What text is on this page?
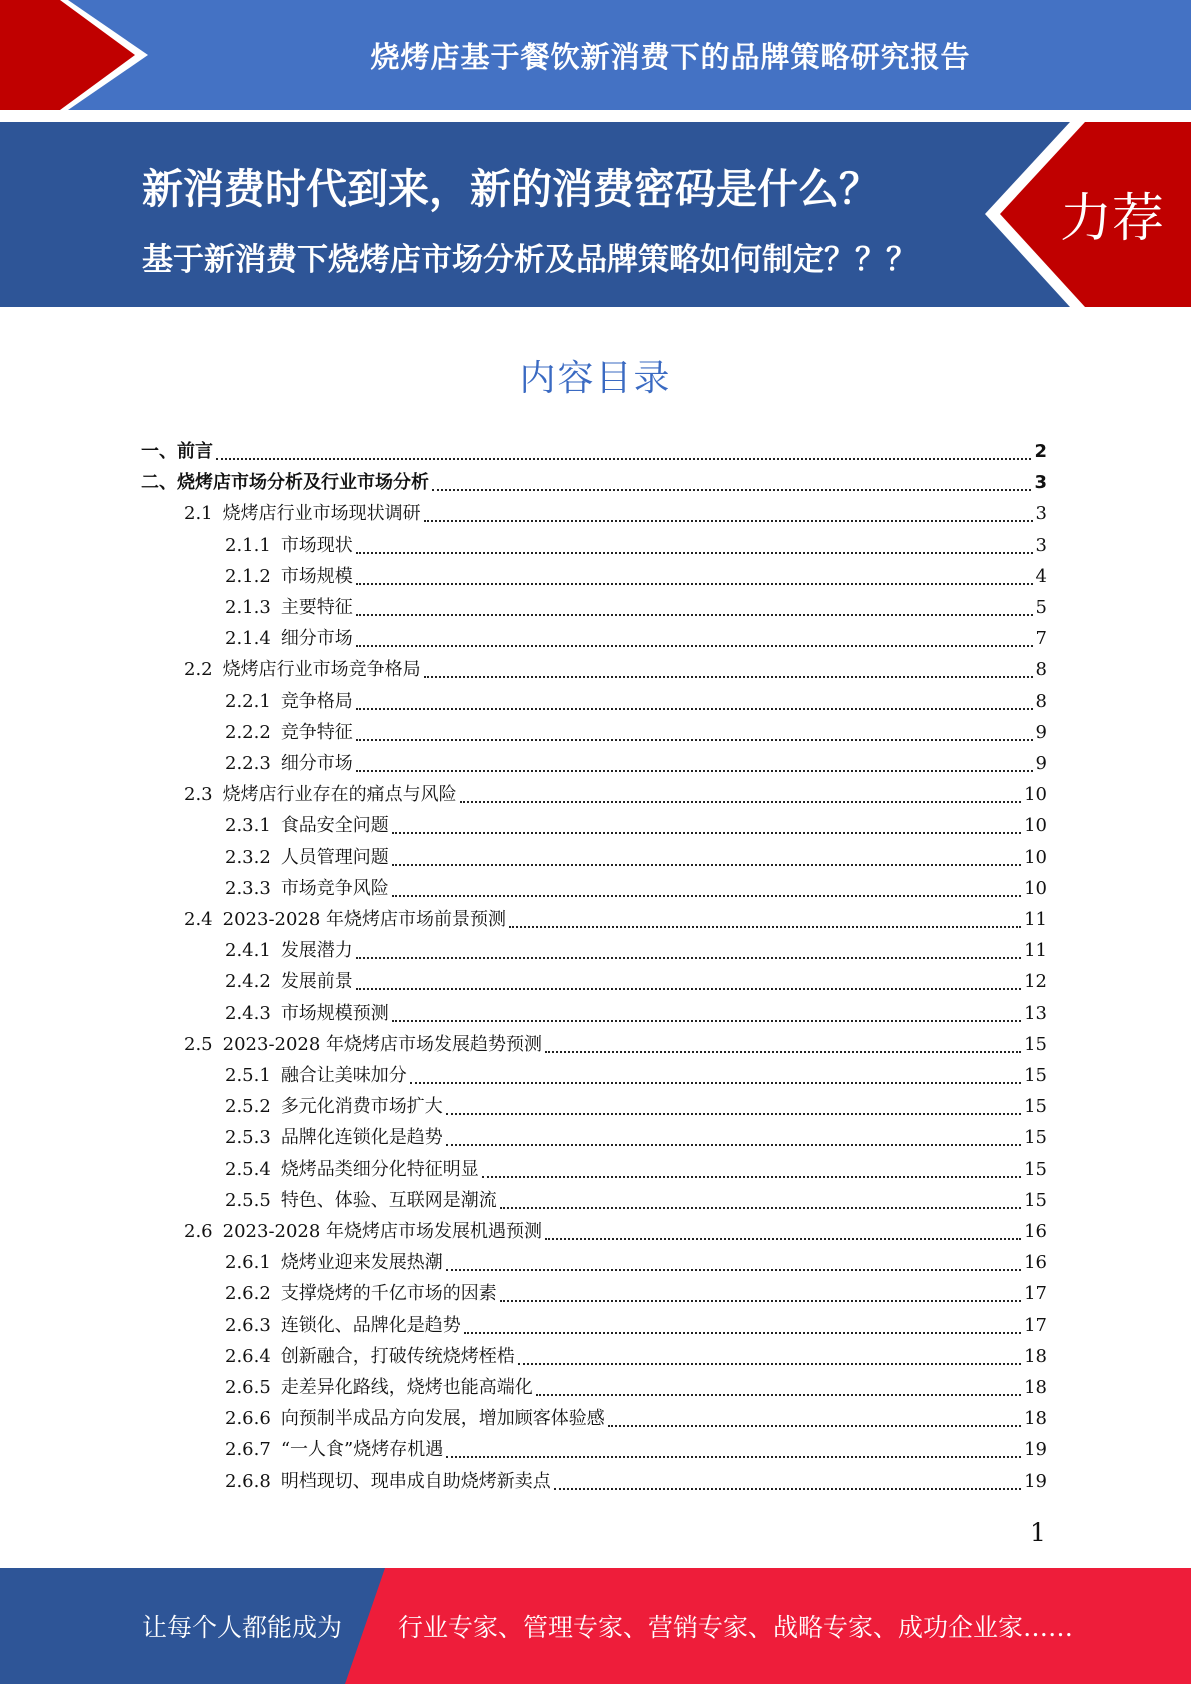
烧烤店基于餐饮新消费下的品牌策略研究报告
新消费时代到来，新的消费密码是什么？
基于新消费下烧烤店市场分析及品牌策略如何制定？？？
力荐
内容目录
一、 前言	2
二、 烧烤店市场分析及行业市场分析	3
2.1 烧烤店行业市场现状调研	3
2.1.1 市场现状	3
2.1.2 市场规模	4
2.1.3 主要特征	5
2.1.4 细分市场	7
2.2 烧烤店行业市场竞争格局	8
2.2.1 竞争格局	8
2.2.2 竞争特征	9
2.2.3 细分市场	9
2.3 烧烤店行业存在的痛点与风险	10
2.3.1 食品安全问题	10
2.3.2 人员管理问题	10
2.3.3 市场竞争风险	10
2.4 2023-2028 年烧烤店市场前景预测	11
2.4.1 发展潜力	11
2.4.2 发展前景	12
2.4.3 市场规模预测	13
2.5 2023-2028 年烧烤店市场发展趋势预测	15
2.5.1 融合让美味加分	15
2.5.2 多元化消费市场扩大	15
2.5.3 品牌化连锁化是趋势	15
2.5.4 烧烤品类细分化特征明显	15
2.5.5 特色、体验、互联网是潮流	15
2.6 2023-2028 年烧烤店市场发展机遇预测	16
2.6.1 烧烤业迎来发展热潮	16
2.6.2 支撑烧烤的千亿市场的因素	17
2.6.3 连锁化、品牌化是趋势	17
2.6.4 创新融合，打破传统烧烤桎梏	18
2.6.5 走差异化路线，烧烤也能高端化	18
2.6.6 向预制半成品方向发展，增加顾客体验感	18
2.6.7 “一人食”烧烤存机遇	19
2.6.8 明档现切、现串成自助烧烤新卖点	19
1
让每个人都能成为 行业专家、管理专家、营销专家、战略专家、成功企业家……
